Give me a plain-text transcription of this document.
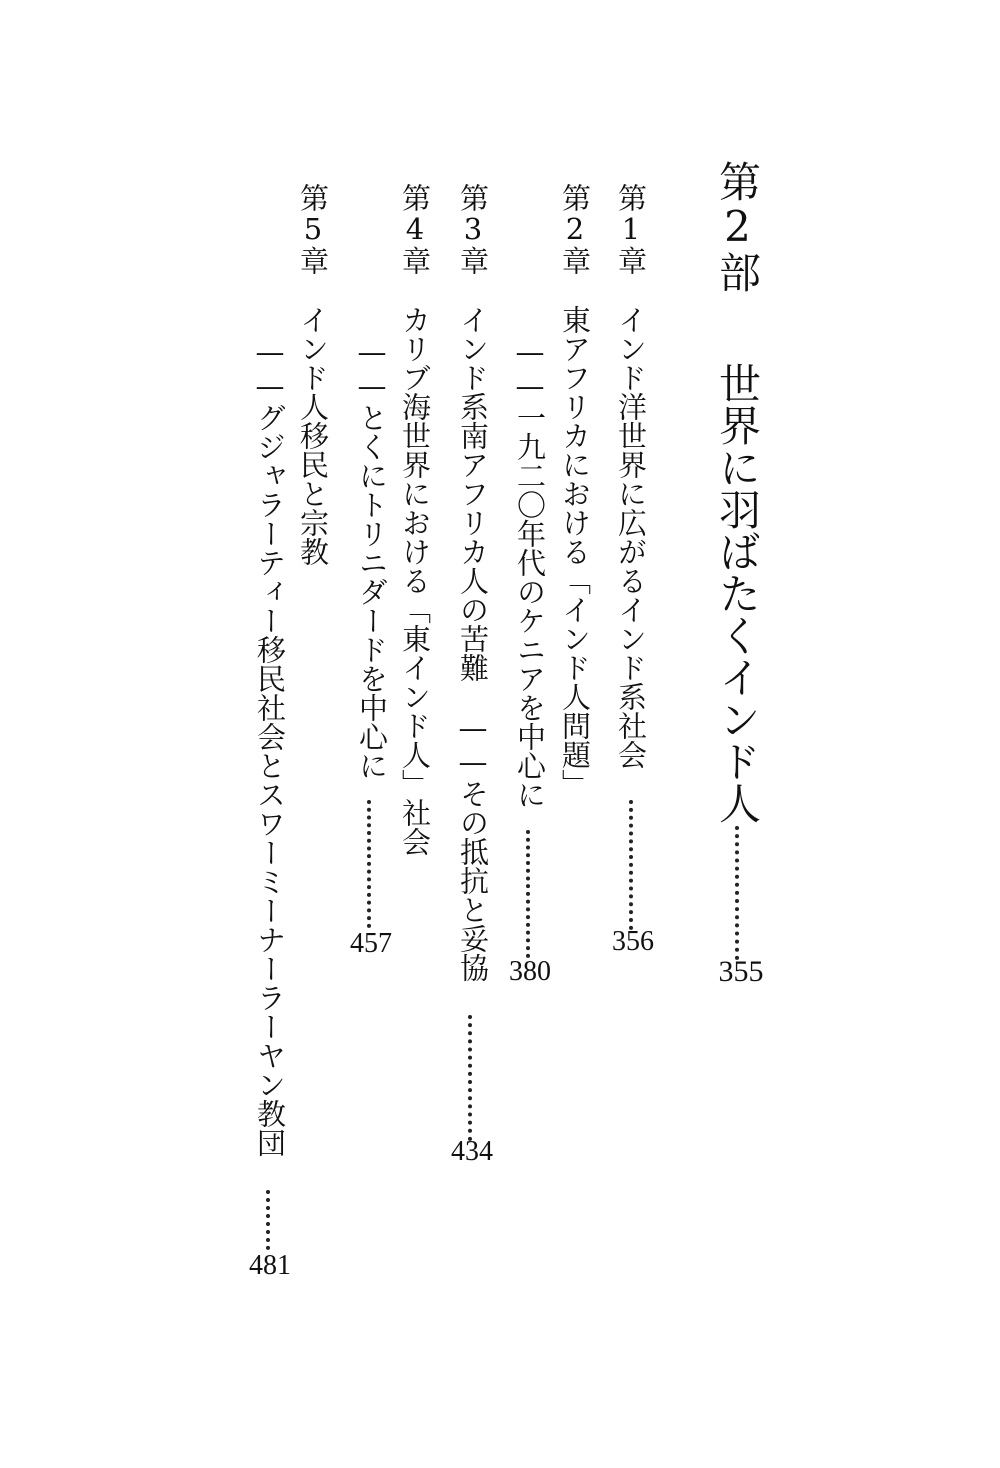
第2部
世界に羽ばたくインド人
355
第1章
インド洋世界に広がるインド系社会
356
第2章
東アフリカにおける「インド人問題」
——一九二〇年代のケニアを中心に
380
第3章
インド系南アフリカ人の苦難　——その抵抗と妥協
434
第4章
カリブ海世界における「東インド人」社会
——とくにトリニダードを中心に
457
第5章
インド人移民と宗教
——グジャラーティー移民社会とスワーミーナーラーヤン教団
481
